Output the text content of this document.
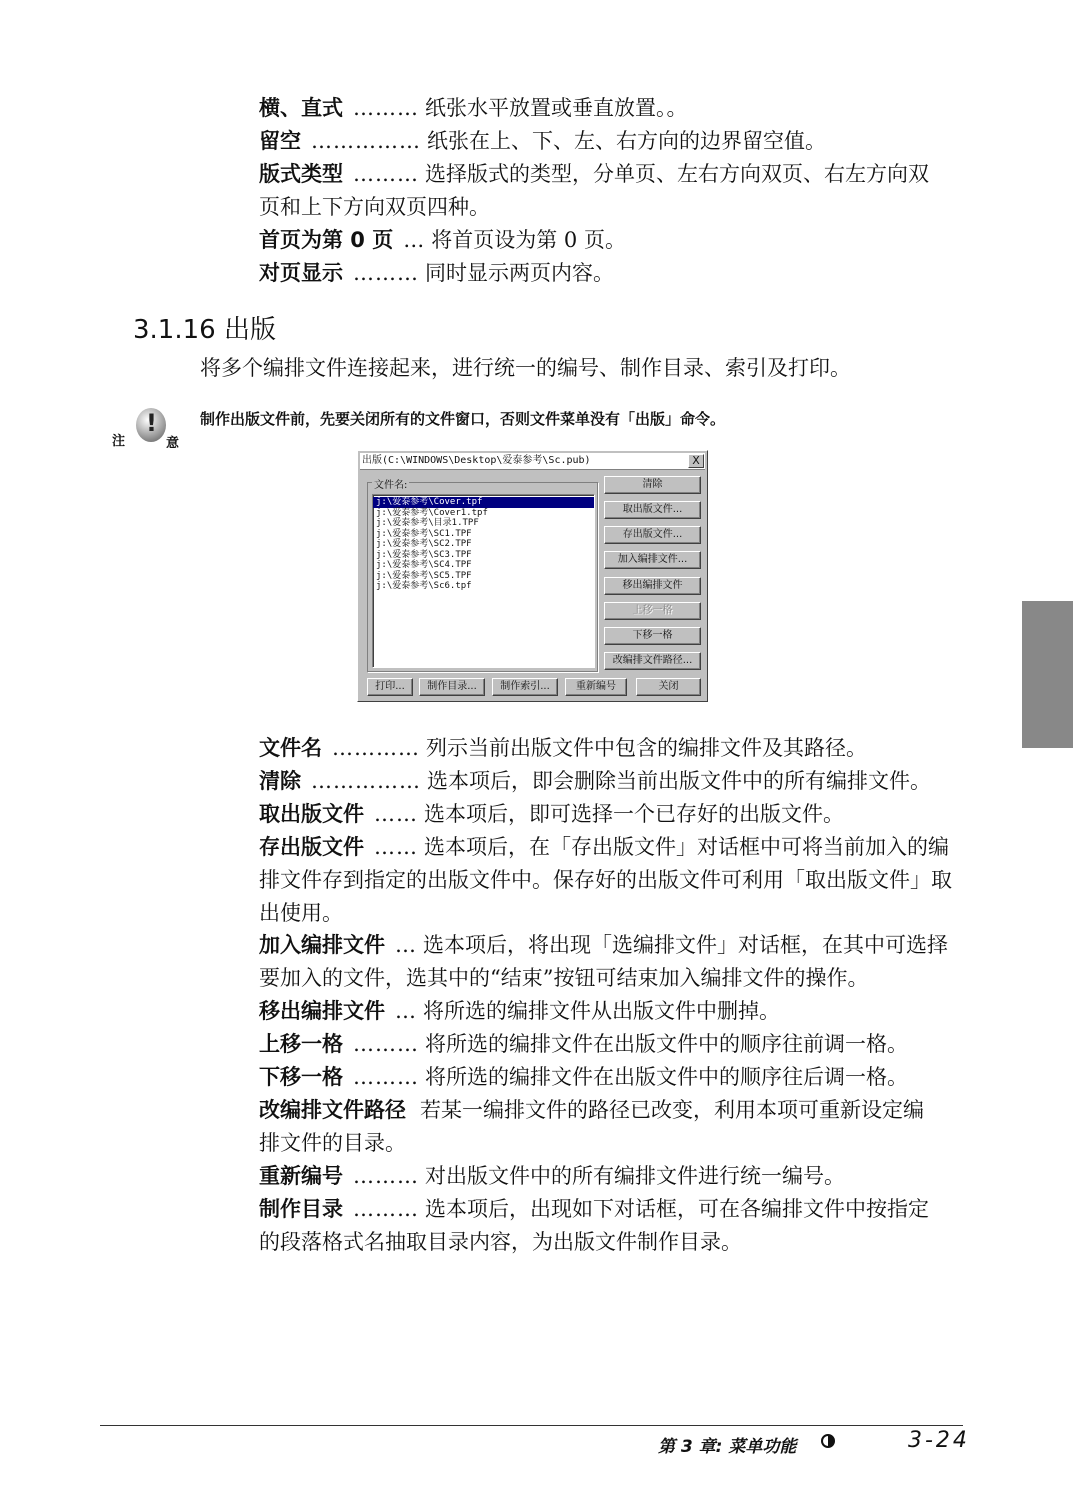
横、直式 ……… 纸张水平放置或垂直放置。。
留空 …………… 纸张在上、下、左、右方向的边界留空值。
版式类型 ……… 选择版式的类型，分单页、左右方向双页、右左方向双
页和上下方向双页四种。
首页为第 0 页 … 将首页设为第 0 页。
对页显示 ……… 同时显示两页内容。
3.1.16 出版
将多个编排文件连接起来，进行统一的编号、制作目录、索引及打印。
!
注	意
制作出版文件前，先要关闭所有的文件窗口，否则文件菜单没有「出版」命令。
出版(C:\WINDOWS\Desktop\爱泰参考\Sc.pub)	X
文件名:
j:\爱泰参考\Cover.tpf
j:\爱泰参考\Cover1.tpf
j:\爱泰参考\目录1.TPF
j:\爱泰参考\SC1.TPF
j:\爱泰参考\SC2.TPF
j:\爱泰参考\SC3.TPF
j:\爱泰参考\SC4.TPF
j:\爱泰参考\SC5.TPF
j:\爱泰参考\Sc6.tpf
清除
取出版文件...
存出版文件...
加入编排文件...
移出编排文件
上移一格
下移一格
改编排文件路径...
打印...	制作目录...	制作索引...	重新编号	关闭
文件名 ………… 列示当前出版文件中包含的编排文件及其路径。
清除 …………… 选本项后，即会删除当前出版文件中的所有编排文件。
取出版文件 …… 选本项后，即可选择一个已存好的出版文件。
存出版文件 …… 选本项后，在「存出版文件」对话框中可将当前加入的编
排文件存到指定的出版文件中。保存好的出版文件可利用「取出版文件」取
出使用。
加入编排文件 … 选本项后，将出现「选编排文件」对话框，在其中可选择
要加入的文件，选其中的“结束”按钮可结束加入编排文件的操作。
移出编排文件 … 将所选的编排文件从出版文件中删掉。
上移一格 ……… 将所选的编排文件在出版文件中的顺序往前调一格。
下移一格 ……… 将所选的编排文件在出版文件中的顺序往后调一格。
改编排文件路径 若某一编排文件的路径已改变，利用本项可重新设定编
排文件的目录。
重新编号 ……… 对出版文件中的所有编排文件进行统一编号。
制作目录 ……… 选本项后，出现如下对话框，可在各编排文件中按指定
的段落格式名抽取目录内容，为出版文件制作目录。
第 3 章: 菜单功能	3-24
